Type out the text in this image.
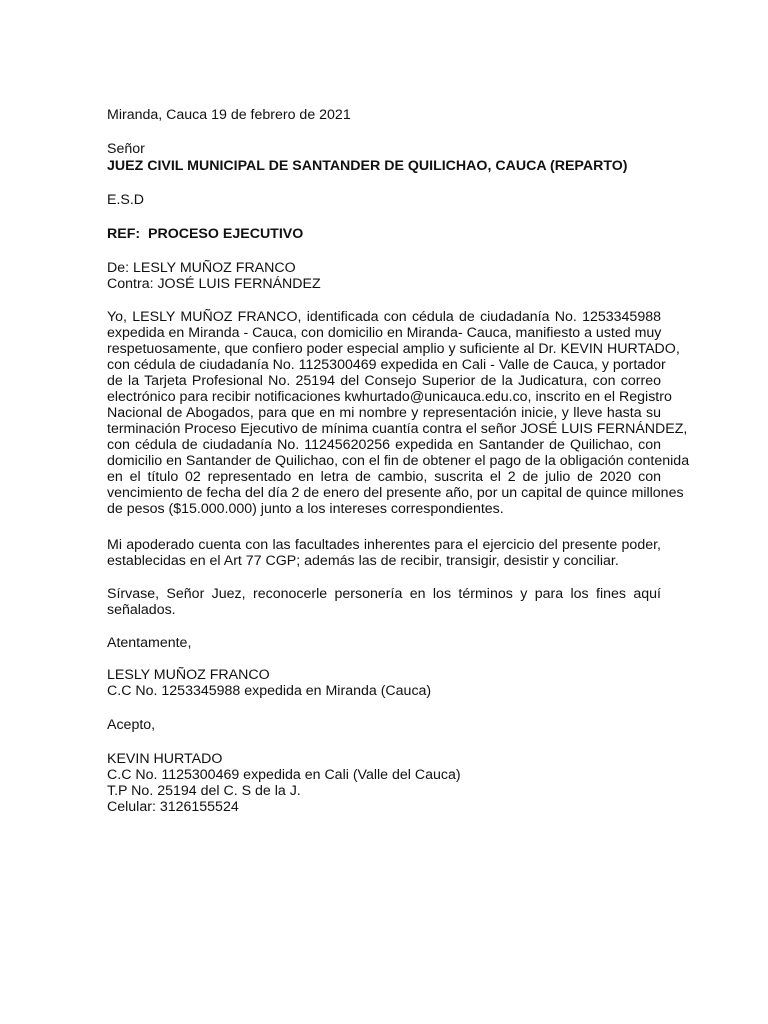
Miranda, Cauca 19 de febrero de 2021
Señor
JUEZ CIVIL MUNICIPAL DE SANTANDER DE QUILICHAO, CAUCA (REPARTO)
E.S.D
REF:  PROCESO EJECUTIVO
De: LESLY MUÑOZ FRANCO
Contra: JOSÉ LUIS FERNÁNDEZ
Yo, LESLY MUÑOZ FRANCO, identificada con cédula de ciudadanía No. 1253345988
expedida en Miranda - Cauca, con domicilio en Miranda- Cauca, manifiesto a usted muy
respetuosamente, que confiero poder especial amplio y suficiente al Dr. KEVIN HURTADO,
con cédula de ciudadanía No. 1125300469 expedida en Cali - Valle de Cauca, y portador
de la Tarjeta Profesional No. 25194 del Consejo Superior de la Judicatura, con correo
electrónico para recibir notificaciones kwhurtado@unicauca.edu.co, inscrito en el Registro
Nacional de Abogados, para que en mi nombre y representación inicie, y lleve hasta su
terminación Proceso Ejecutivo de mínima cuantía contra el señor JOSÉ LUIS FERNÁNDEZ,
con cédula de ciudadanía No. 11245620256 expedida en Santander de Quilichao, con
domicilio en Santander de Quilichao, con el fin de obtener el pago de la obligación contenida
en el título 02 representado en letra de cambio, suscrita el 2 de julio de 2020 con
vencimiento de fecha del día 2 de enero del presente año, por un capital de quince millones
de pesos ($15.000.000) junto a los intereses correspondientes.
Mi apoderado cuenta con las facultades inherentes para el ejercicio del presente poder,
establecidas en el Art 77 CGP; además las de recibir, transigir, desistir y conciliar.
Sírvase, Señor Juez, reconocerle personería en los términos y para los fines aquí
señalados.
Atentamente,
LESLY MUÑOZ FRANCO
C.C No. 1253345988 expedida en Miranda (Cauca)
Acepto,
KEVIN HURTADO
C.C No. 1125300469 expedida en Cali (Valle del Cauca)
T.P No. 25194 del C. S de la J.
Celular: 3126155524
